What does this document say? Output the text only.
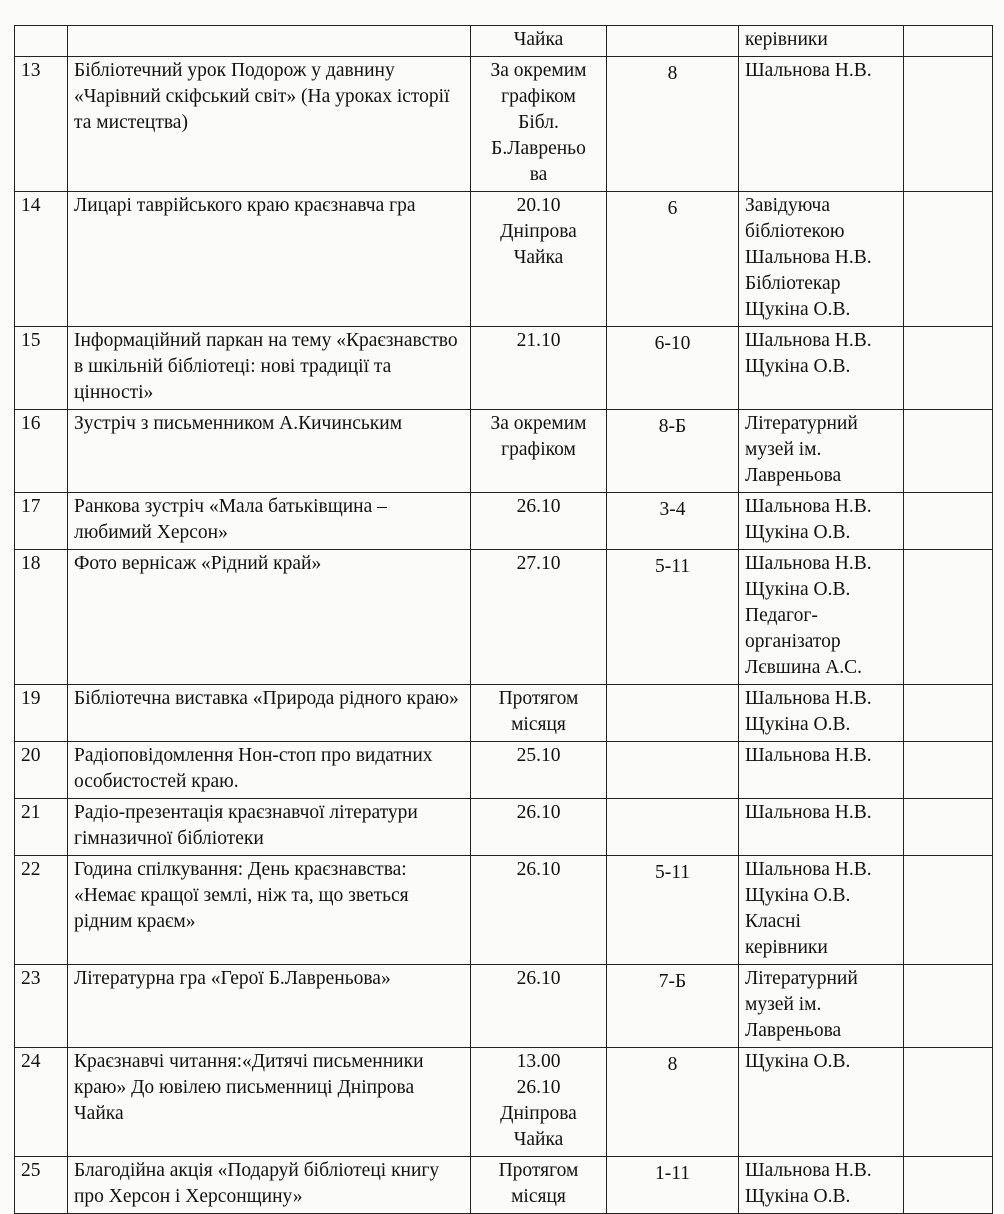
		Чайка		керівники	
13	Бібліотечний урок Подорож у давнину «Чарівний скіфський світ» (На уроках історії та мистецтва)	За окремим
графіком
Бібл.
Б.Лавреньо
ва	8	Шальнова Н.В.	
14	Лицарі таврійського краю краєзнавча гра	20.10
Дніпрова
Чайка	6	Завідуюча
бібліотекою
Шальнова Н.В.
Бібліотекар
Щукіна О.В.	
15	Інформаційний паркан на тему «Краєзнавство в шкільній бібліотеці: нові традиції та цінності»	21.10	6-10	Шальнова Н.В.
Щукіна О.В.	
16	Зустріч з письменником А.Кичинським	За окремим
графіком	8-Б	Літературний
музей ім.
Лавреньова	
17	Ранкова зустріч «Мала батьківщина – любимий Херсон»	26.10	3-4	Шальнова Н.В.
Щукіна О.В.	
18	Фото вернісаж «Рідний край»	27.10	5-11	Шальнова Н.В.
Щукіна О.В.
Педагог-
організатор
Лєвшина А.С.	
19	Бібліотечна виставка «Природа рідного краю»	Протягом
місяця		Шальнова Н.В.
Щукіна О.В.	
20	Радіоповідомлення Нон-стоп про видатних особистостей краю.	25.10		Шальнова Н.В.	
21	Радіо-презентація краєзнавчої літератури гімназичної бібліотеки	26.10		Шальнова Н.В.	
22	Година спілкування: День краєзнавства: «Немає кращої землі, ніж та, що зветься рідним краєм»	26.10	5-11	Шальнова Н.В.
Щукіна О.В.
Класні
керівники	
23	Літературна гра «Герої Б.Лавреньова»	26.10	7-Б	Літературний
музей ім.
Лавреньова	
24	Краєзнавчі читання:«Дитячі письменники краю» До ювілею письменниці Дніпрова Чайка	13.00
26.10
Дніпрова
Чайка	8	Щукіна О.В.	
25	Благодійна акція «Подаруй бібліотеці книгу про Херсон і Херсонщину»	Протягом
місяця	1-11	Шальнова Н.В.
Щукіна О.В.	
